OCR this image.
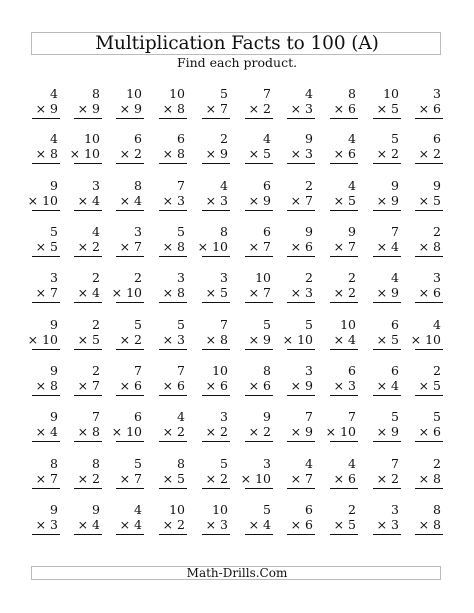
Multiplication Facts to 100 (A)
Find each product.
4
× 9
8
× 9
10
× 9
10
× 8
5
× 7
7
× 2
4
× 3
8
× 6
10
× 5
3
× 6
4
× 8
10
× 10
6
× 2
6
× 8
2
× 9
4
× 5
9
× 3
4
× 6
5
× 2
6
× 2
9
× 10
3
× 4
8
× 4
7
× 3
4
× 3
6
× 9
2
× 7
4
× 5
9
× 9
9
× 5
5
× 5
4
× 2
3
× 7
5
× 8
8
× 10
6
× 7
9
× 6
9
× 7
7
× 4
2
× 8
3
× 7
2
× 4
2
× 10
3
× 8
3
× 5
10
× 7
2
× 3
2
× 2
4
× 9
3
× 6
9
× 10
2
× 5
5
× 2
5
× 3
7
× 8
5
× 9
5
× 10
10
× 4
6
× 5
4
× 10
9
× 8
2
× 7
7
× 6
7
× 6
10
× 6
8
× 6
3
× 9
6
× 3
6
× 4
2
× 5
9
× 4
7
× 8
6
× 10
4
× 2
3
× 2
9
× 2
7
× 9
7
× 10
5
× 9
5
× 6
8
× 7
8
× 2
5
× 7
8
× 5
5
× 2
3
× 10
4
× 7
4
× 6
7
× 2
2
× 8
9
× 3
9
× 4
4
× 4
10
× 2
10
× 3
5
× 4
6
× 6
2
× 5
3
× 3
8
× 8
Math-Drills.Com
